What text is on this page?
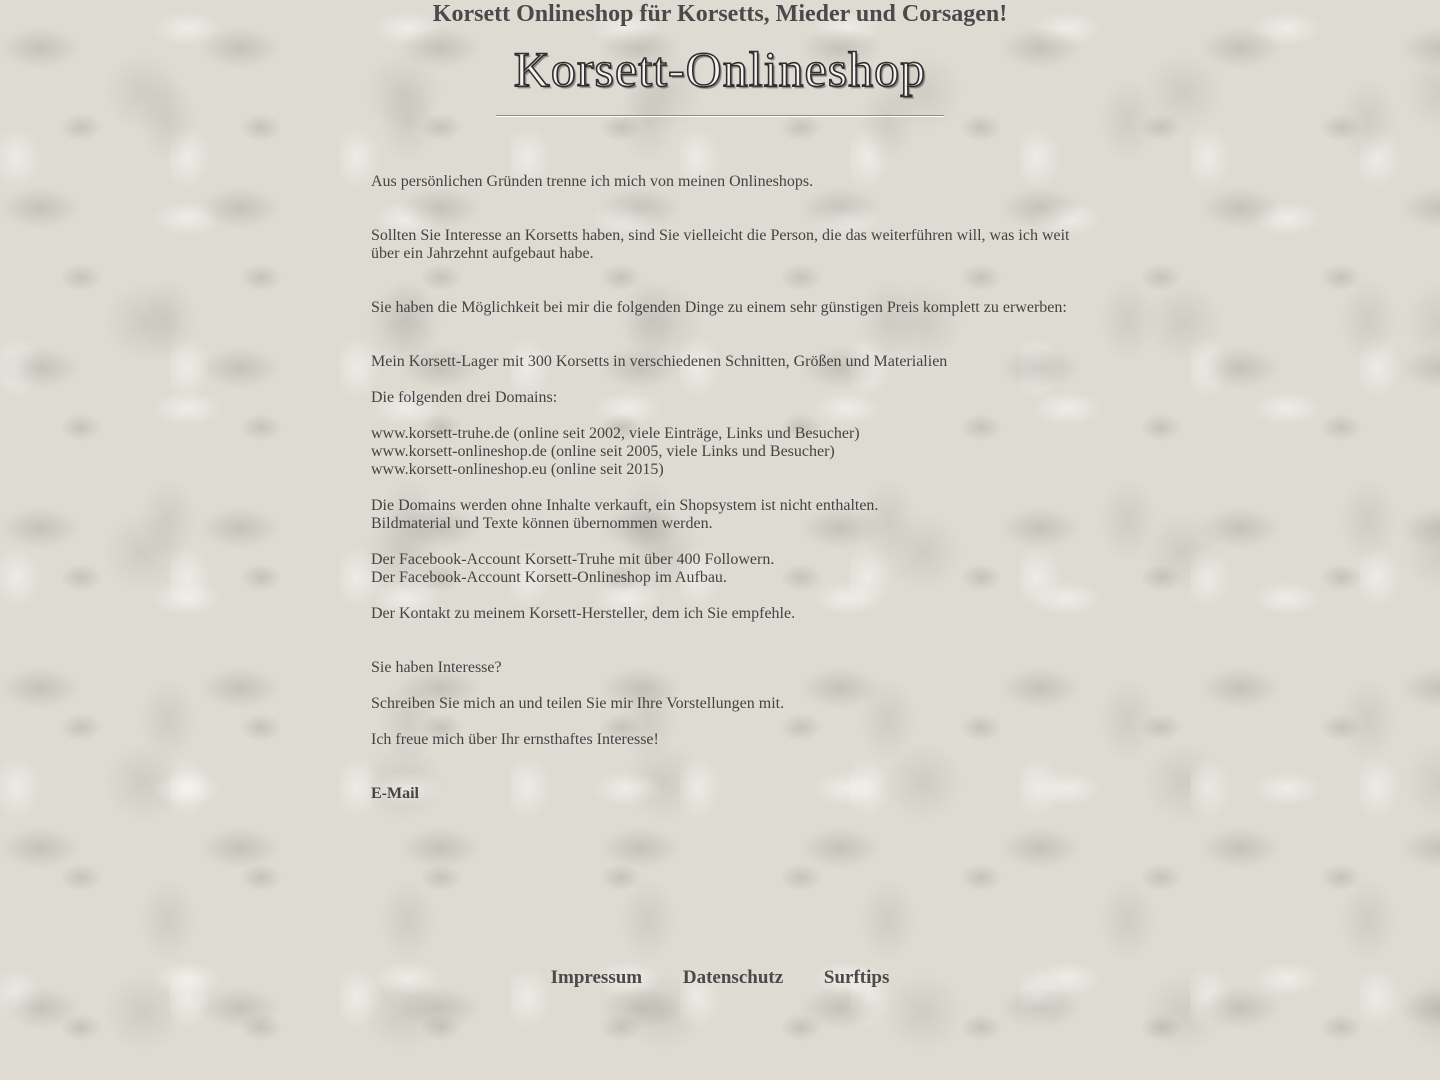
Korsett Onlineshop für Korsetts, Mieder und Corsagen!
Korsett-Onlineshop

Aus persönlichen Gründen trenne ich mich von meinen Onlineshops.

Sollten Sie Interesse an Korsetts haben, sind Sie vielleicht die Person, die das weiterführen will, was ich weit über ein Jahrzehnt aufgebaut habe.

Sie haben die Möglichkeit bei mir die folgenden Dinge zu einem sehr günstigen Preis komplett zu erwerben:

Mein Korsett-Lager mit 300 Korsetts in verschiedenen Schnitten, Größen und Materialien

Die folgenden drei Domains:

www.korsett-truhe.de (online seit 2002, viele Einträge, Links und Besucher)

www.korsett-onlineshop.de (online seit 2005, viele Links und Besucher)

www.korsett-onlineshop.eu (online seit 2015)

Die Domains werden ohne Inhalte verkauft, ein Shopsystem ist nicht enthalten.

Bildmaterial und Texte können übernommen werden.

Der Facebook-Account Korsett-Truhe mit über 400 Followern.

Der Facebook-Account Korsett-Onlineshop im Aufbau.

Der Kontakt zu meinem Korsett-Hersteller, dem ich Sie empfehle.

Sie haben Interesse?

Schreiben Sie mich an und teilen Sie mir Ihre Vorstellungen mit.

Ich freue mich über Ihr ernsthaftes Interesse!

E-Mail

Impressum Datenschutz Surftips
